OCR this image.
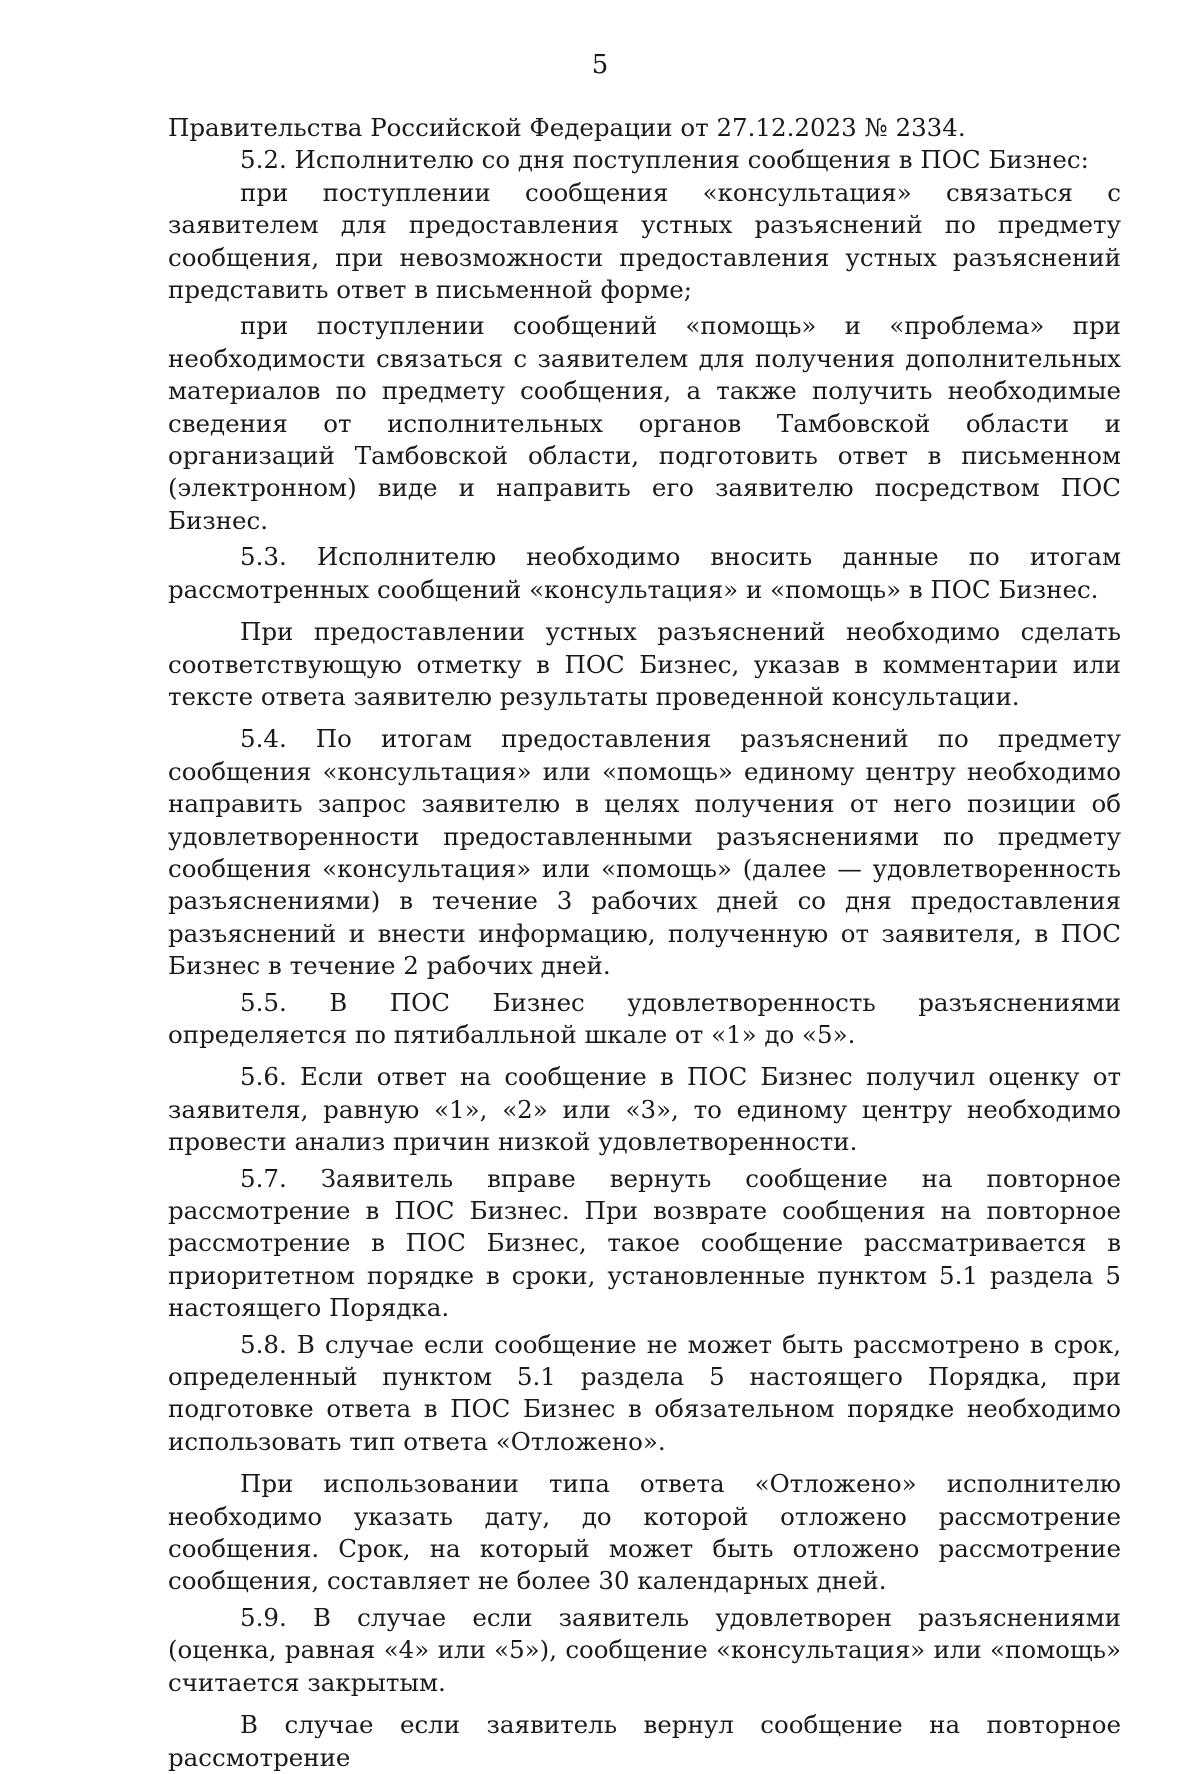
5

Правительства Российской Федерации от 27.12.2023 № 2334.

5.2. Исполнителю со дня поступления сообщения в ПОС Бизнес:

при поступлении сообщения «консультация» связаться с заявителем для предоставления устных разъяснений по предмету сообщения, при невозможности предоставления устных разъяснений представить ответ в письменной форме;

при поступлении сообщений «помощь» и «проблема» при необходимости связаться с заявителем для получения дополнительных материалов по предмету сообщения, а также получить необходимые сведения от исполнительных органов Тамбовской области и организаций Тамбовской области, подготовить ответ в письменном (электронном) виде и направить его заявителю посредством ПОС Бизнес.

5.3. Исполнителю необходимо вносить данные по итогам рассмотренных сообщений «консультация» и «помощь» в ПОС Бизнес.

При предоставлении устных разъяснений необходимо сделать соответствующую отметку в ПОС Бизнес, указав в комментарии или тексте ответа заявителю результаты проведенной консультации.

5.4. По итогам предоставления разъяснений по предмету сообщения «консультация» или «помощь» единому центру необходимо направить запрос заявителю в целях получения от него позиции об удовлетворенности предоставленными разъяснениями по предмету сообщения «консультация» или «помощь» (далее — удовлетворенность разъяснениями) в течение 3 рабочих дней со дня предоставления разъяснений и внести информацию, полученную от заявителя, в ПОС Бизнес в течение 2 рабочих дней.

5.5. В ПОС Бизнес удовлетворенность разъяснениями определяется по пятибалльной шкале от «1» до «5».

5.6. Если ответ на сообщение в ПОС Бизнес получил оценку от заявителя, равную «1», «2» или «3», то единому центру необходимо провести анализ причин низкой удовлетворенности.

5.7. Заявитель вправе вернуть сообщение на повторное рассмотрение в ПОС Бизнес. При возврате сообщения на повторное рассмотрение в ПОС Бизнес, такое сообщение рассматривается в приоритетном порядке в сроки, установленные пунктом 5.1 раздела 5 настоящего Порядка.

5.8. В случае если сообщение не может быть рассмотрено в срок, определенный пунктом 5.1 раздела 5 настоящего Порядка, при подготовке ответа в ПОС Бизнес в обязательном порядке необходимо использовать тип ответа «Отложено».

При использовании типа ответа «Отложено» исполнителю необходимо указать дату, до которой отложено рассмотрение сообщения. Срок, на который может быть отложено рассмотрение сообщения, составляет не более 30 календарных дней.

5.9. В случае если заявитель удовлетворен разъяснениями (оценка, равная «4» или «5»), сообщение «консультация» или «помощь» считается закрытым.

В случае если заявитель вернул сообщение на повторное рассмотрение
